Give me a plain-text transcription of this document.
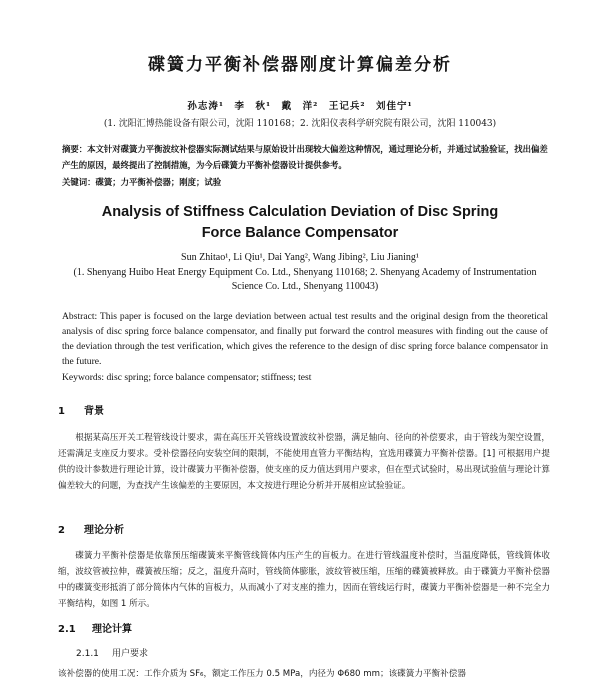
碟簧力平衡补偿器刚度计算偏差分析
孙志涛¹　李　秋¹　戴　洋²　王记兵²　刘佳宁¹
(1. 沈阳汇博热能设备有限公司，沈阳 110168；2. 沈阳仪表科学研究院有限公司，沈阳 110043)
摘要：本文针对碟簧力平衡波纹补偿器实际测试结果与原始设计出现较大偏差这种情况，通过理论分析，并通过试验验证，找出偏差产生的原因，最终提出了控制措施，为今后碟簧力平衡补偿器设计提供参考。
关键词：碟簧；力平衡补偿器；刚度；试验
Analysis of Stiffness Calculation Deviation of Disc Spring
Force Balance Compensator
Sun Zhitao¹, Li Qiu¹, Dai Yang², Wang Jibing², Liu Jianing¹
(1. Shenyang Huibo Heat Energy Equipment Co. Ltd., Shenyang 110168; 2. Shenyang Academy of Instrumentation Science Co. Ltd., Shenyang 110043)
Abstract: This paper is focused on the large deviation between actual test results and the original design from the theoretical analysis of disc spring force balance compensator, and finally put forward the control measures with finding out the cause of the deviation through the test verification, which gives the reference to the design of disc spring force balance compensator in the future.
Keywords: disc spring; force balance compensator; stiffness; test
1 背景
根据某高压开关工程管线设计要求，需在高压开关管线设置波纹补偿器，满足轴向、径向的补偿要求，由于管线为架空设置，还需满足支座反力要求。受补偿器径向安装空间的限制，不能使用直管力平衡结构，宜选用碟簧力平衡补偿器。[1] 可根据用户提供的设计参数进行理论计算，设计碟簧力平衡补偿器，使支座的反力值达到用户要求，但在型式试验时，易出现试验值与理论计算偏差较大的问题，为查找产生该偏差的主要原因，本文按进行理论分析并开展相应试验验证。
2 理论分析
碟簧力平衡补偿器是依靠预压缩碟簧来平衡管线简体内压产生的盲板力。在进行管线温度补偿时，当温度降低，管线简体收缩，波纹管被拉伸，碟簧被压缩；反之，温度升高时，管线简体膨胀，波纹管被压缩，压缩的碟簧被释放。由于碟簧力平衡补偿器中的碟簧变形抵消了部分简体内气体的盲板力，从而减小了对支座的推力，因而在管线运行时，碟簧力平衡补偿器是一种不完全力平衡结构，如图 1 所示。
2.1 理论计算
2.1.1 用户要求
该补偿器的使用工况：工作介质为 SF₆，额定工作压力 0.5 MPa，内径为 Φ680 mm；该碟簧力平衡补偿器
